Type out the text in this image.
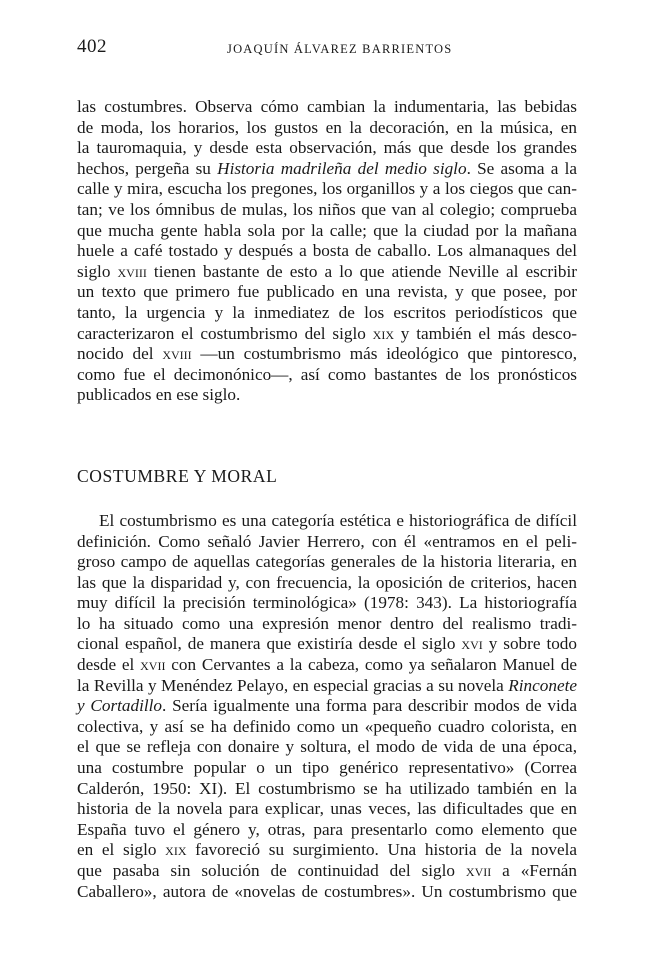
402	JOAQUÍN ÁLVAREZ BARRIENTOS

las costumbres. Observa cómo cambian la indumentaria, las bebidas
de moda, los horarios, los gustos en la decoración, en la música, en
la tauromaquia, y desde esta observación, más que desde los grandes
hechos, pergeña su Historia madrileña del medio siglo. Se asoma a la
calle y mira, escucha los pregones, los organillos y a los ciegos que can-
tan; ve los ómnibus de mulas, los niños que van al colegio; comprueba
que mucha gente habla sola por la calle; que la ciudad por la mañana
huele a café tostado y después a bosta de caballo. Los almanaques del
siglo xviii tienen bastante de esto a lo que atiende Neville al escribir
un texto que primero fue publicado en una revista, y que posee, por
tanto, la urgencia y la inmediatez de los escritos periodísticos que
caracterizaron el costumbrismo del siglo xix y también el más desco-
nocido del xviii —un costumbrismo más ideológico que pintoresco,
como fue el decimonónico—, así como bastantes de los pronósticos
publicados en ese siglo.

COSTUMBRE Y MORAL

El costumbrismo es una categoría estética e historiográfica de difícil
definición. Como señaló Javier Herrero, con él «entramos en el peli-
groso campo de aquellas categorías generales de la historia literaria, en
las que la disparidad y, con frecuencia, la oposición de criterios, hacen
muy difícil la precisión terminológica» (1978: 343). La historiografía
lo ha situado como una expresión menor dentro del realismo tradi-
cional español, de manera que existiría desde el siglo xvi y sobre todo
desde el xvii con Cervantes a la cabeza, como ya señalaron Manuel de
la Revilla y Menéndez Pelayo, en especial gracias a su novela Rinconete
y Cortadillo. Sería igualmente una forma para describir modos de vida
colectiva, y así se ha definido como un «pequeño cuadro colorista, en
el que se refleja con donaire y soltura, el modo de vida de una época,
una costumbre popular o un tipo genérico representativo» (Correa
Calderón, 1950: XI). El costumbrismo se ha utilizado también en la
historia de la novela para explicar, unas veces, las dificultades que en
España tuvo el género y, otras, para presentarlo como elemento que
en el siglo xix favoreció su surgimiento. Una historia de la novela
que pasaba sin solución de continuidad del siglo xvii a «Fernán
Caballero», autora de «novelas de costumbres». Un costumbrismo que
